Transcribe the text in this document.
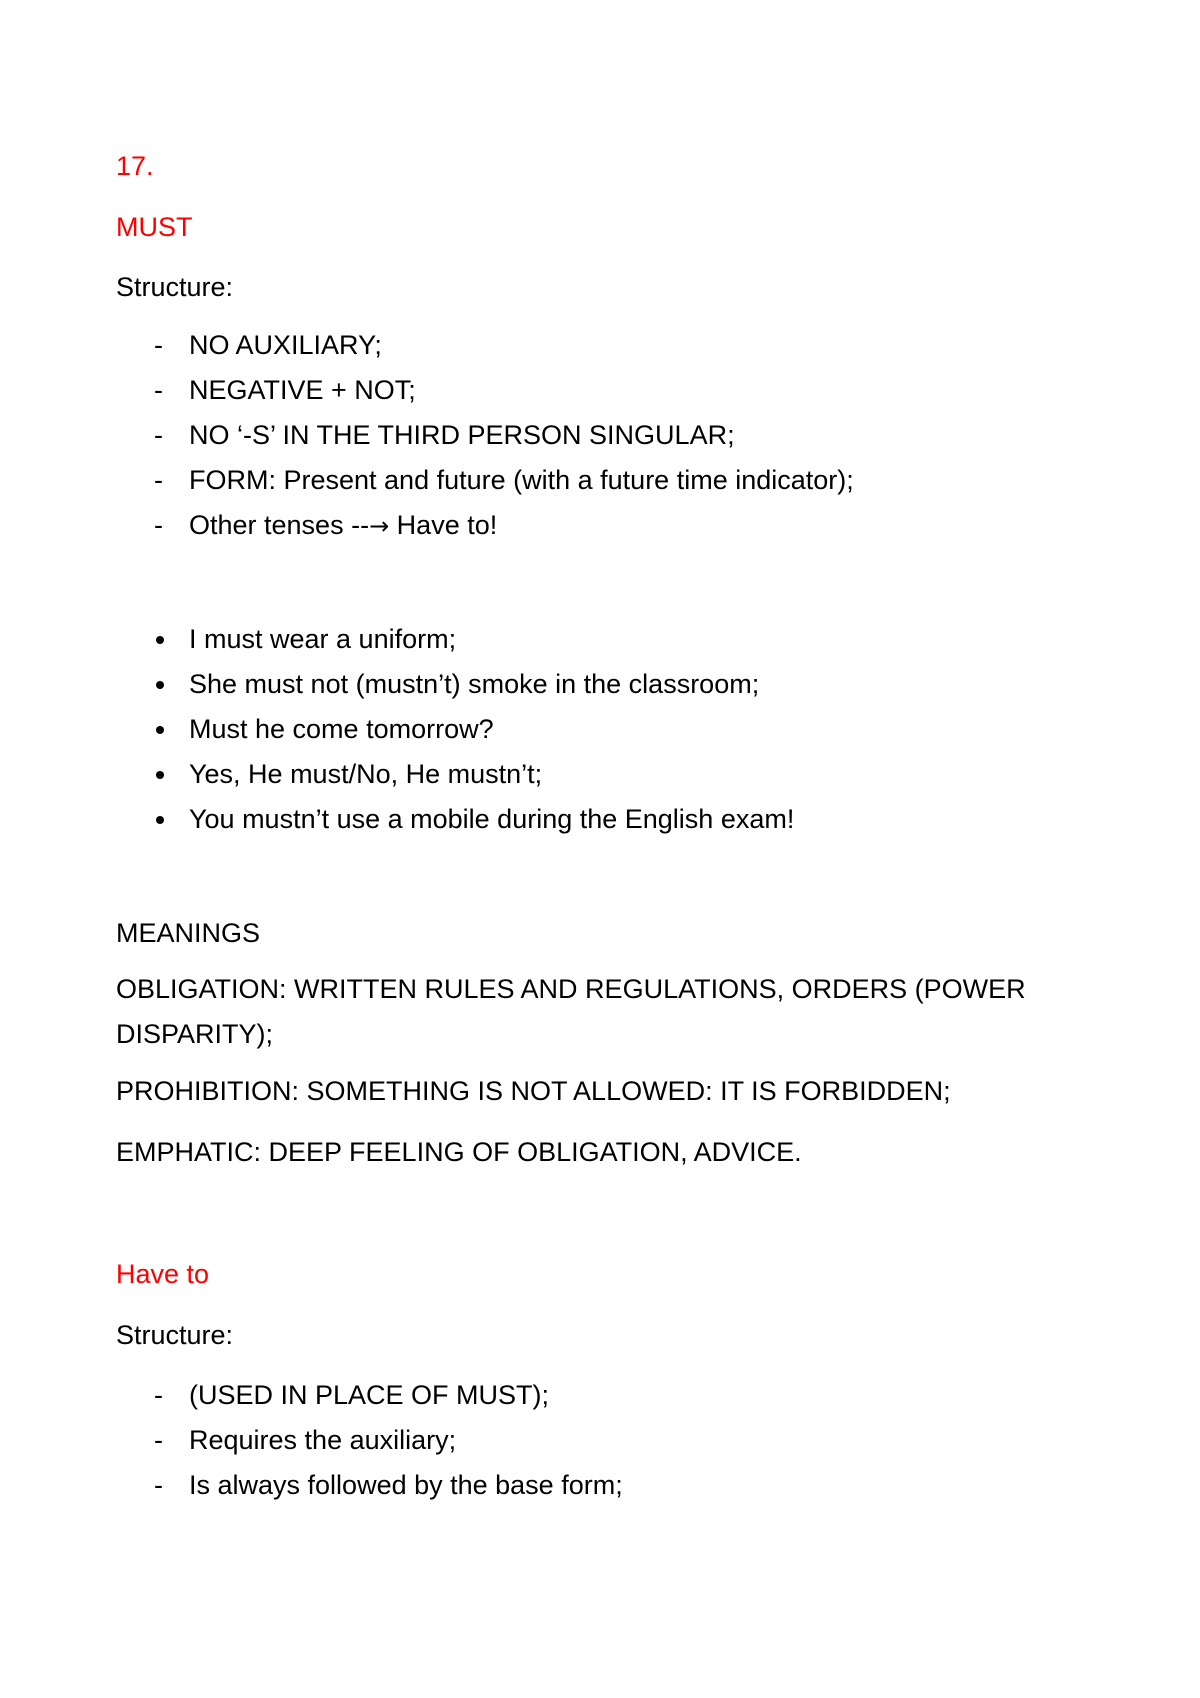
17.
MUST
Structure:
- NO AUXILIARY;
- NEGATIVE + NOT;
- NO ‘-S’ IN THE THIRD PERSON SINGULAR;
- FORM: Present and future (with a future time indicator);
- Other tenses --→ Have to!
I must wear a uniform;
She must not (mustn’t) smoke in the classroom;
Must he come tomorrow?
Yes, He must/No, He mustn’t;
You mustn’t use a mobile during the English exam!
MEANINGS
OBLIGATION: WRITTEN RULES AND REGULATIONS, ORDERS (POWER DISPARITY);
PROHIBITION: SOMETHING IS NOT ALLOWED: IT IS FORBIDDEN;
EMPHATIC: DEEP FEELING OF OBLIGATION, ADVICE.
Have to
Structure:
- (USED IN PLACE OF MUST);
- Requires the auxiliary;
- Is always followed by the base form;
